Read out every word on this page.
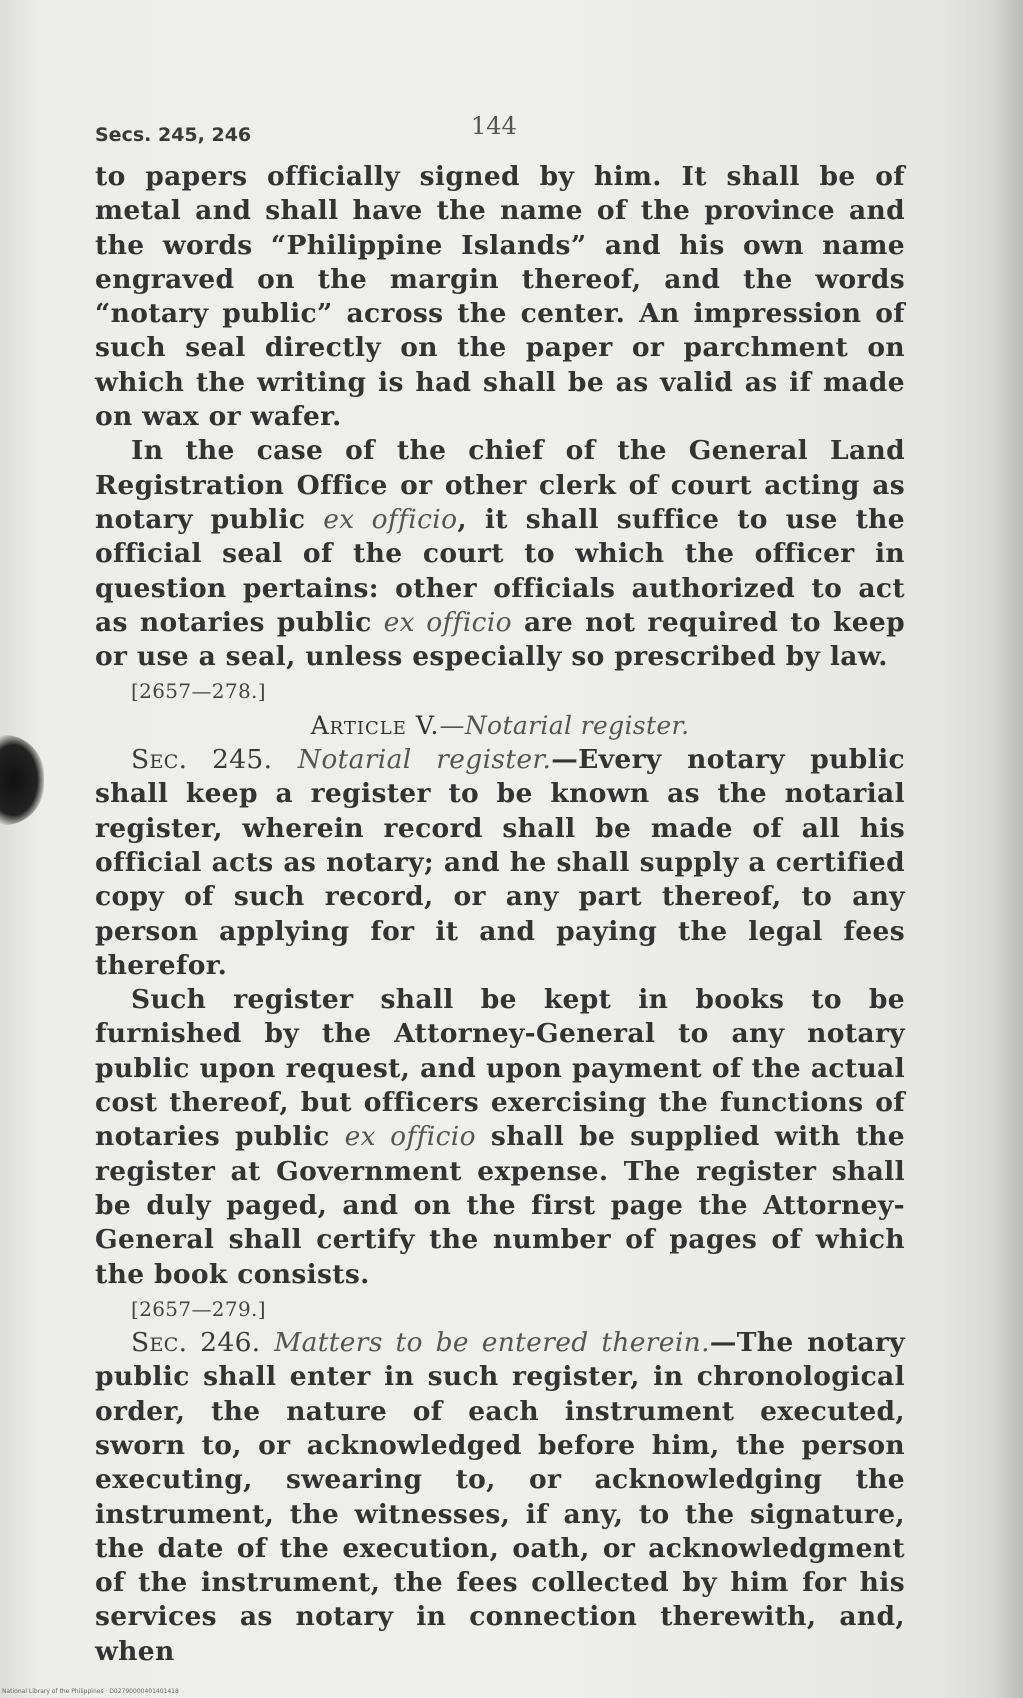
Secs. 245, 246	144

to papers officially signed by him. It shall be of metal and shall have the name of the province and the words “Philippine Islands” and his own name engraved on the margin thereof, and the words “notary public” across the center. An impression of such seal directly on the paper or parchment on which the writing is had shall be as valid as if made on wax or wafer.

In the case of the chief of the General Land Registration Office or other clerk of court acting as notary public ex officio, it shall suffice to use the official seal of the court to which the officer in question pertains: other officials authorized to act as notaries public ex officio are not required to keep or use a seal, unless especially so prescribed by law.

[2657—278.]

Article V.—Notarial register.

Sec. 245. Notarial register.—Every notary public shall keep a register to be known as the notarial register, wherein record shall be made of all his official acts as notary; and he shall supply a certified copy of such record, or any part thereof, to any person applying for it and paying the legal fees therefor.

Such register shall be kept in books to be furnished by the Attorney-General to any notary public upon request, and upon payment of the actual cost thereof, but officers exercising the functions of notaries public ex officio shall be supplied with the register at Government expense. The register shall be duly paged, and on the first page the Attorney-General shall certify the number of pages of which the book consists.

[2657—279.]

Sec. 246. Matters to be entered therein.—The notary public shall enter in such register, in chronological order, the nature of each instrument executed, sworn to, or acknowledged before him, the person executing, swearing to, or acknowledging the instrument, the witnesses, if any, to the signature, the date of the execution, oath, or acknowledgment of the instrument, the fees collected by him for his services as notary in connection therewith, and, when

National Library of the Philippines · D02790000401401418
